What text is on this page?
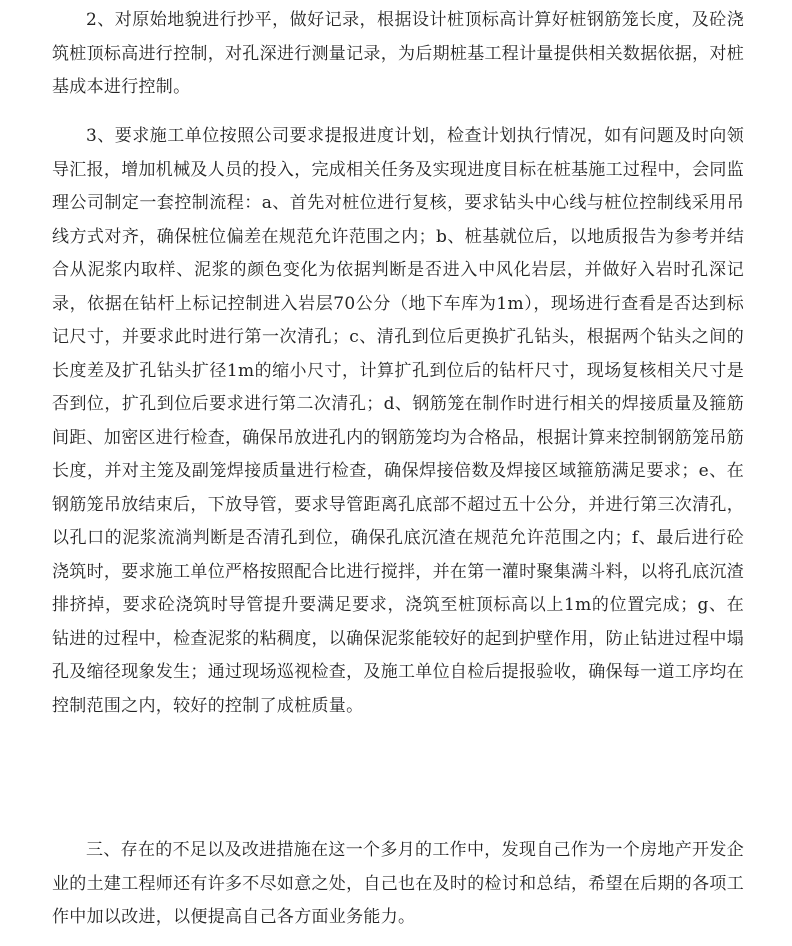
2、对原始地貌进行抄平，做好记录，根据设计桩顶标高计算好桩钢筋笼长度，及砼浇筑桩顶标高进行控制，对孔深进行测量记录，为后期桩基工程计量提供相关数据依据，对桩基成本进行控制。

3、要求施工单位按照公司要求提报进度计划，检查计划执行情况，如有问题及时向领导汇报，增加机械及人员的投入，完成相关任务及实现进度目标在桩基施工过程中，会同监理公司制定一套控制流程：a、首先对桩位进行复核，要求钻头中心线与桩位控制线采用吊线方式对齐，确保桩位偏差在规范允许范围之内；b、桩基就位后，以地质报告为参考并结合从泥浆内取样、泥浆的颜色变化为依据判断是否进入中风化岩层，并做好入岩时孔深记录，依据在钻杆上标记控制进入岩层70公分（地下车库为1m），现场进行查看是否达到标记尺寸，并要求此时进行第一次清孔；c、清孔到位后更换扩孔钻头，根据两个钻头之间的长度差及扩孔钻头扩径1m的缩小尺寸，计算扩孔到位后的钻杆尺寸，现场复核相关尺寸是否到位，扩孔到位后要求进行第二次清孔；d、钢筋笼在制作时进行相关的焊接质量及箍筋间距、加密区进行检查，确保吊放进孔内的钢筋笼均为合格品，根据计算来控制钢筋笼吊筋长度，并对主笼及副笼焊接质量进行检查，确保焊接倍数及焊接区域箍筋满足要求；e、在钢筋笼吊放结束后，下放导管，要求导管距离孔底部不超过五十公分，并进行第三次清孔，以孔口的泥浆流淌判断是否清孔到位，确保孔底沉渣在规范允许范围之内；f、最后进行砼浇筑时，要求施工单位严格按照配合比进行搅拌，并在第一灌时聚集满斗料，以将孔底沉渣排挤掉，要求砼浇筑时导管提升要满足要求，浇筑至桩顶标高以上1m的位置完成；g、在钻进的过程中，检查泥浆的粘稠度，以确保泥浆能较好的起到护壁作用，防止钻进过程中塌孔及缩径现象发生；通过现场巡视检查，及施工单位自检后提报验收，确保每一道工序均在控制范围之内，较好的控制了成桩质量。

三、存在的不足以及改进措施在这一个多月的工作中，发现自己作为一个房地产开发企业的土建工程师还有许多不尽如意之处，自己也在及时的检讨和总结，希望在后期的各项工作中加以改进，以便提高自己各方面业务能力。
